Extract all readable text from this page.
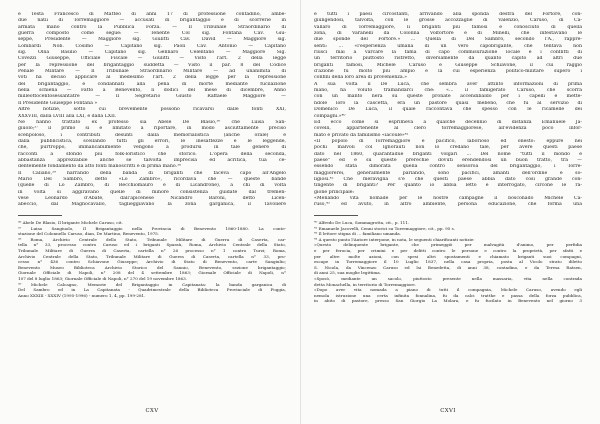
e Testa Francesco di Matteo di anni 17 di professione contadino, ambe-
due natii di Torremaggiore — accusati di brigantaggio e di scorrerie in
armata mano contro la Pubblica Forza. — Il Tribunale Straordinario di
guerra composto come segue: — Tenente Col sig. Fontana Cav. Giu-
seppe, Presidente — Maggiore sig. Giulitti Cav. David — Maggiore sig.
Lombardi Nob. Cosimo — Capitano sig. Paoli Cav. Antonio — Capitano
sig. Ollia Basilio — Capitano sig. Gennaro Celentano — Maggiore Sig.
Covezzi Giuseppe, Ufficiale Fiscale — Giulitti — Visto l'art. 2 della legge
per la repressione del brigantaggio suddetta — Visto il par. 8 del Codice
Penale Militare — Il Tribunale Straordinario Militare — ad unanimità di
voti ha deciso applicare al medesimo l'art. 2 della legge per la repressione
del brigantaggio, e condannati alla pena di morte mediante fucilazione
nella schiena — Fatto a Benevento, li dodici del mese di dicembre, Anno
milleottocentosessantatre — Il Segretario Giusto Raffaele Maggiore —
Il Presidente Giuseppe Fontana »
Altre notizie, sotto cui brevemente possono ricavarsi dalle fonti XXI,
XXXVIII, dalla LVIII alla LXI, e dalla LXII.
Ne hanno trattato ex professo sia Abele De Blasio,³⁶ che Luisa San-
giuolo;³⁷ il primo si è limitato a riportare, in modo asciuttamente preciso
scenpoloso, i contributi desunti dalla memorialistica (anche orale) e
dalla pubblicistica, scellando tutti gli errori, le inesattezze e le leggende,
che, purtroppo, immancabilmente vengono a prodursi in tale genere di
racconti a sfondo più folk-loristico che storico. L'opera della seconda,
abbastanza apprezzabile anche se talvolta imprecisa ed acritica, tua ce-
dentemente fondamento da atto fonti manoscritti e di prima mano.³⁸
Il Caliano,³⁹ narrando della banda di briganti che faceva capo all'Angelo
Mario Del Sambro, detto «Lo Zambro», ricordava che — queste bande
(quelle di Lo Zambro, di Recchiomauro e di Licandrone), a chi di volta
in volta si aggiravano quelle di minore consistenza guidate dal tremen-
vese Leonardo d'Abate, dall'apicenese Nicandro Baroni, detto Licen-
abeccio, dal Magnocavallo, taglieggiavano la zona garganica, il Tavoliere
³⁶ Abele De Blasio, Il brigante Michele Caruso, cit.
³⁷ Luisa Sangiuolo, Il Brigantaggio nella Provincia di Benevento 1860-1880. La conte-
stazione del Colonnello Caruso, dian, De Martino, Benevento, 1975.
³⁸ Roma, Archivio Centrale dello Stato, Tribunale Militare di Guerra di Caserta, car-
tella n° 33, processo contro Caruso ed i briganti Sparaù, Roma, Archivio Centrale della Stato,
Tribunale Militare di Guerra di Caserta, cartella n° 26 processo n° 1 contro Turzi; Roma,
Archivio Centrale della Stato, Tribunale Militare di Guerra di Caserta, cartella n° 33, pro-
cesso n° 436 contro Schiavone Giuseppe; Archivio di Stato di Benevento, carte Sangiulio;
Benevento Museo Biblioteca Archivio Storico del Sannio, Benevento, sezione brigantaggio;
Giornale Officiale di Napoli, n° 208 del 4 settembre 1863; Giornale Officiale di Napoli, n°
107 del 8 luglio 1863; Giornale Officiale di Napoli, n° 270 del 19 novembre 1863.
³⁹ Michele Calcagno, Memorie del Brigantaggio in Capitanata: la banda garganica di
Del Sambro ed in La Capitanata - Quadrimestrale della Biblioteca Provinciale di Foggia,
Anno XXXIII - XXXIV (1995-1996) - numero 1, 4, pp. 199-281.
CXV
e tutti i paesi circostanti, arrivando alla sponda destra del Fortore, con-
giungendosi, talvolta, con le grosse accozzaglie di Valenzio, Caruso, di Ca-
vallaro di Torremaggiore, li briganti più famosi e conosciuto di quella
zona, di Varanelli da Colonna Volfortore e di Minelli, che infestavano le
due sponde del Fortore.» ... Quella di Del Sambro, secondo l'A., rappre-
senti: ... «l'esperienza umana di un vero capobrigante, che tentava non
riusci mai a varcare la fama di capo commisurazione locale e i conflitti di
un territorio piuttosto ristretto, diversamente da quanto capitò ad altri due
briganti famosi, Michele Caruso e Giuseppe Schiavone, il cui raggio
d'azione fu molto più ampio e la cui esperienza politico-militare superò i
confini della loro area di provenienza.»
A sua volta il De Luca, che sembra aver attinto informazioni di prima
mano, ha voluto tramandarci che: «... il famigerato Caruso, che scorrá
con un manto nera su queste pronate accendibaldo per i capelli e mette-
ndole loro la cascetta, era un pastore quasi mebeno, che fu al servizio di
Domenico De Luca, il quale raccontava che spesso con le ricamelle dei
compagni.»⁴⁰
Ed ecco come si esprimeva a qualche decennio di distanza Emanuele Ja-
covelli, appartenente al clero torremaggiorese, all'evidenza poco infor-
mato e privato da familismo «iacoule»⁴¹
«Il popolo di Torremaggiore è pacifico, laborioso ed onesto: eppure nei
pochi malvoli col Ignorauti non lo credano tale, per avere questi paese
dato nel 1860, quarantadue briganti volgari ... Del nome "tutti il mondo è
paese" ed è su queste prerechie dovuti erendendosi un buon tratto, tra —
essendo stata dimorata quella contro sensoroa del brigantaggio, i Torre-
maggiorerei, generalmente parlando, sono pacifici, amanti dell'ordine e so-
ligiosi.⁴² Che meraviglia s'è che questi paese abbia dato così grande con-
tingente di briganti? Per quanto io abbia letto e interrogato, circone le ra-
gione principale:
«Menando vita nomade per le nostre campagne il bosconado Michele Ca-
ruso,⁴³ ed avuto, in altro ambiente, persona educazione, che forma una
⁴⁰ Alfredo De Luca, Sommagrotta, cit., p. 111.
⁴¹ Emanuele Jacovelli, Cenni storici su Torremaggiore, cit., pp. 95 s.
⁴² Il lettore stigna di ... familiano umanda.
⁴³ A questo punto l'Autore interpone, in nota, le seguenti chiarificanti notizie:
«Questo delinquente brigante, che primeggiò per malvagità d'animo, per perfidia
e per ferocia, per crimini e per delitti contro le persone e contro la proprietà, per sfatti e
per altre molte azioni, con spesi altri spostamenti e chiamato briganti suoi compagni,
escape in Torremaggiore il 10 Luglio 1837, nella casa propria, posta al Vicolo strato diletto
S. Nicola, da Vincenzo Caruso ed Isi Benedetta, di anni 38, contadino, e da Teresa Ratsen,
di anni 25, sua moglie legittima.
«Sposò, mediante un sacolo, piuttosto presente nella massaria, vita nella contrada
detta Monachella, in territorio di Torremaggiore.
«Dopo aver vita nomada a piano di tutti il compagnia, Michele Caruso, avendo egli
nemola istruzione una certa infinita fonnalina, fu da calci tratthe e passa della forza pubblica,
in abito di pastore, presso San Giorgio La Molara, e fu fucilato in Benevento nel giorno 3
CXVI
